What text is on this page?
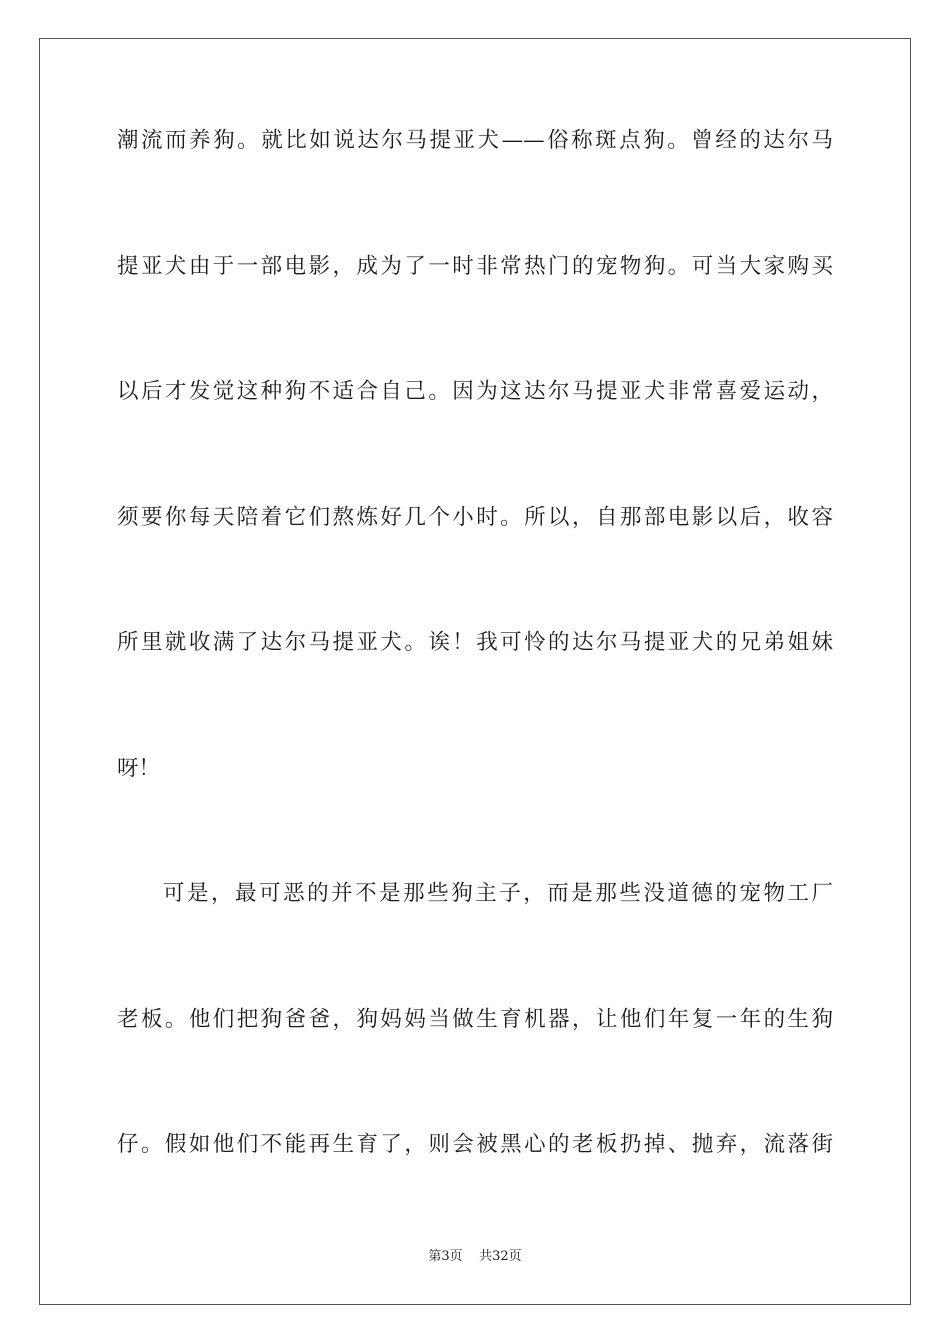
潮流而养狗。就比如说达尔马提亚犬——俗称斑点狗。曾经的达尔马
提亚犬由于一部电影，成为了一时非常热门的宠物狗。可当大家购买
以后才发觉这种狗不适合自己。因为这达尔马提亚犬非常喜爱运动，
须要你每天陪着它们熬炼好几个小时。所以，自那部电影以后，收容
所里就收满了达尔马提亚犬。诶！我可怜的达尔马提亚犬的兄弟姐妹
呀！
可是，最可恶的并不是那些狗主子，而是那些没道德的宠物工厂
老板。他们把狗爸爸，狗妈妈当做生育机器，让他们年复一年的生狗
仔。假如他们不能再生育了，则会被黑心的老板扔掉、抛弃，流落街
第3页    共32页
